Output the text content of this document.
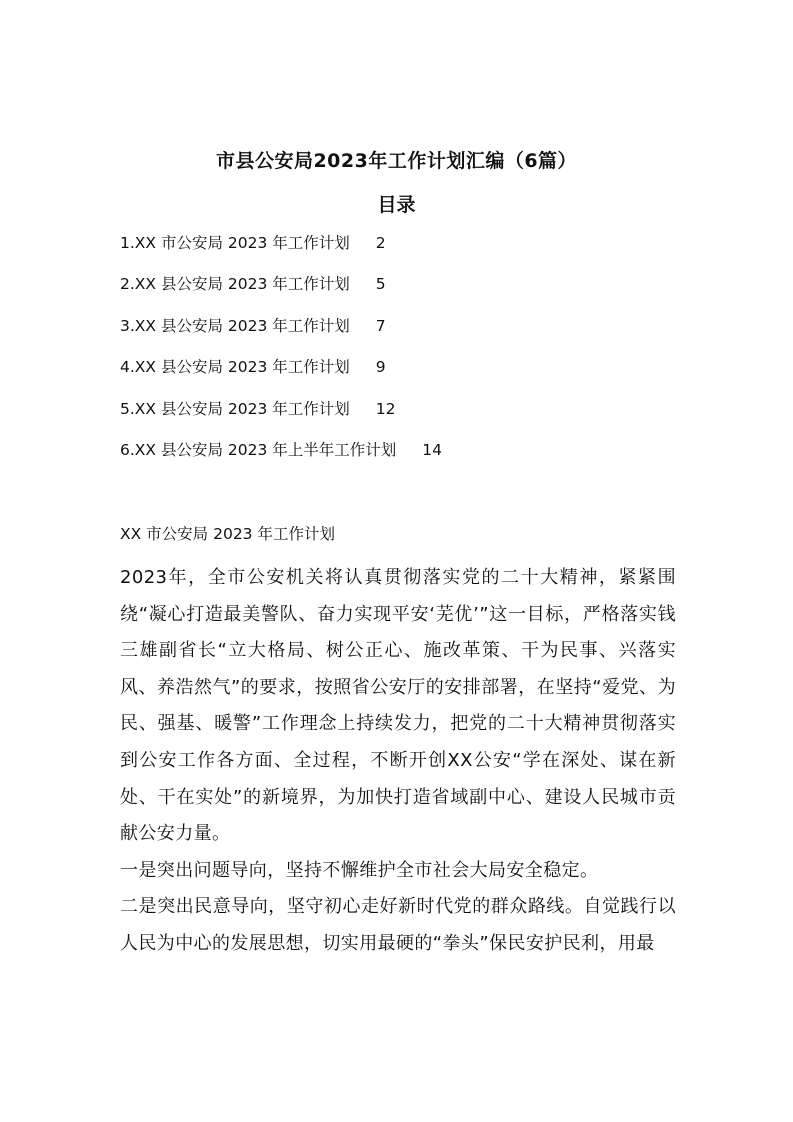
市县公安局2023年工作计划汇编（6篇）
目录
1.XX 市公安局 2023 年工作计划 2
2.XX 县公安局 2023 年工作计划 5
3.XX 县公安局 2023 年工作计划 7
4.XX 县公安局 2023 年工作计划 9
5.XX 县公安局 2023 年工作计划 12
6.XX 县公安局 2023 年上半年工作计划 14
XX 市公安局 2023 年工作计划

2023年，全市公安机关将认真贯彻落实党的二十大精神，紧紧围绕“凝心打造最美警队、奋力实现平安‘芜优’”这一目标，严格落实钱三雄副省长“立大格局、树公正心、施改革策、干为民事、兴落实风、养浩然气”的要求，按照省公安厅的安排部署，在坚持“爱党、为民、强基、暖警”工作理念上持续发力，把党的二十大精神贯彻落实到公安工作各方面、全过程，不断开创XX公安“学在深处、谋在新处、干在实处”的新境界，为加快打造省域副中心、建设人民城市贡献公安力量。

一是突出问题导向，坚持不懈维护全市社会大局安全稳定。

二是突出民意导向，坚守初心走好新时代党的群众路线。自觉践行以人民为中心的发展思想，切实用最硬的“拳头”保民安护民利，用最
